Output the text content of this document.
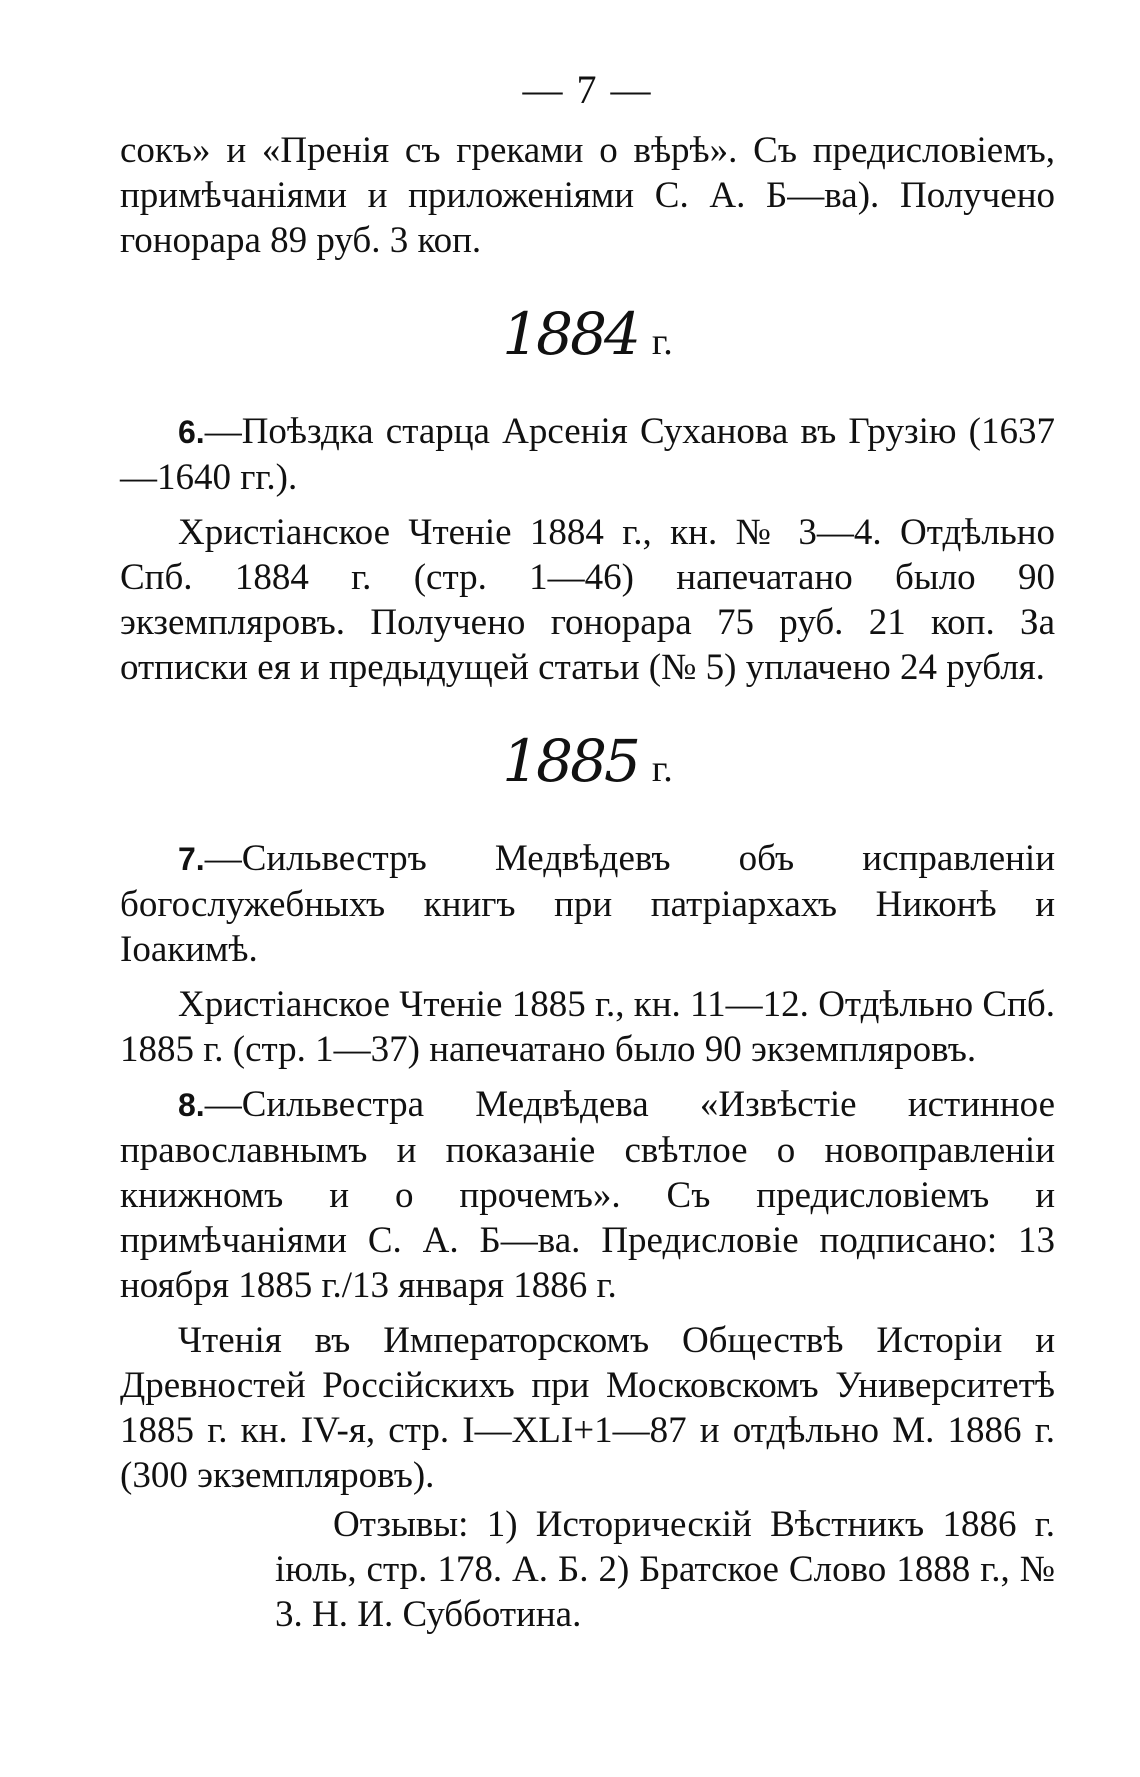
— 7 —

сокъ» и «Пренія съ греками о вѣрѣ». Съ предисловіемъ, примѣчаніями и приложеніями С. А. Б—ва). Получено гонорара 89 руб. 3 коп.

1884 г.

6.—Поѣздка старца Арсенія Суханова въ Грузію (1637—1640 гг.).

Христіанское Чтеніе 1884 г., кн. № 3—4. Отдѣльно Спб. 1884 г. (стр. 1—46) напечатано было 90 экземпляровъ. Получено гонорара 75 руб. 21 коп. За отписки ея и предыдущей статьи (№ 5) уплачено 24 рубля.

1885 г.

7.—Сильвестръ Медвѣдевъ объ исправленіи богослужебныхъ книгъ при патріархахъ Никонѣ и Іоакимѣ.

Христіанское Чтеніе 1885 г., кн. 11—12. Отдѣльно Спб. 1885 г. (стр. 1—37) напечатано было 90 экземпляровъ.

8.—Сильвестра Медвѣдева «Извѣстіе истинное православнымъ и показаніе свѣтлое о новоправленіи книжномъ и о прочемъ». Съ предисловіемъ и примѣчаніями С. А. Б—ва. Предисловіе подписано: 13 ноября 1885 г./13 января 1886 г.

Чтенія въ Императорскомъ Обществѣ Исторіи и Древностей Россійскихъ при Московскомъ Университетѣ 1885 г. кн. IV-я, стр. I—XLI+1—87 и отдѣльно М. 1886 г. (300 экземпляровъ).

Отзывы: 1) Историческій Вѣстникъ 1886 г. іюль, стр. 178. А. Б. 2) Братское Слово 1888 г., № 3. Н. И. Субботина.
